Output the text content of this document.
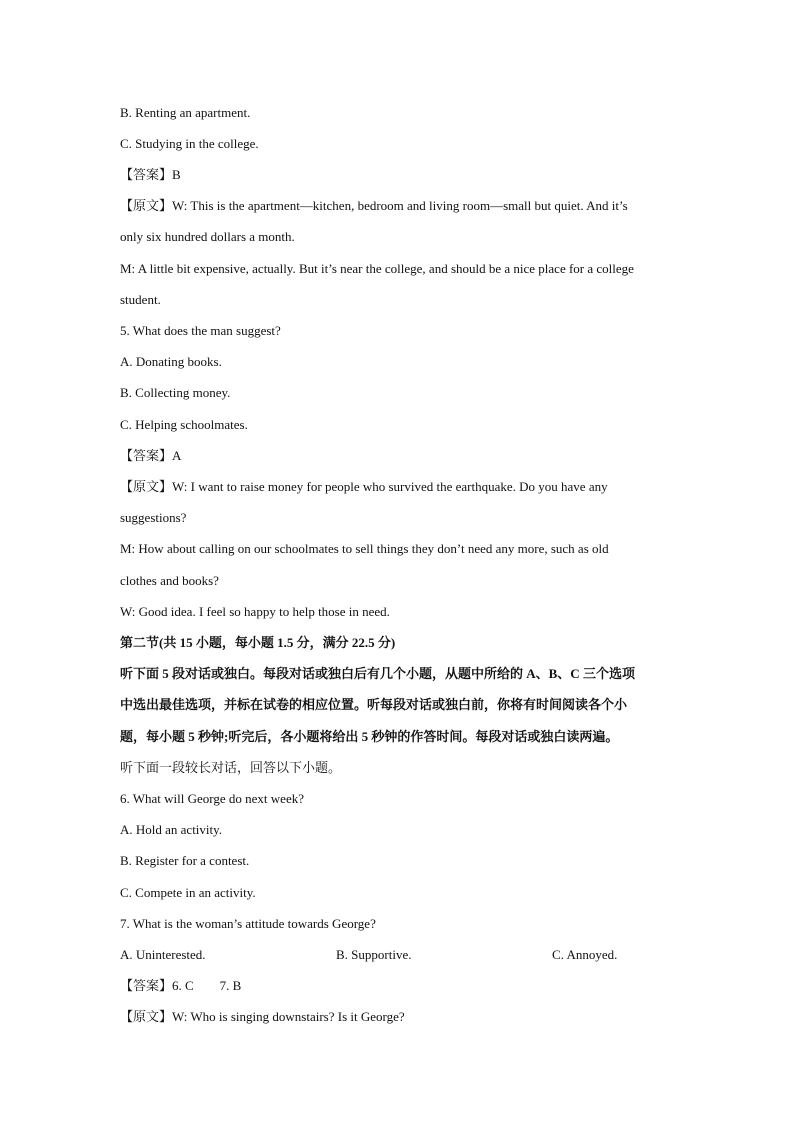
B. Renting an apartment.
C. Studying in the college.
【答案】B
【原文】W: This is the apartment—kitchen, bedroom and living room—small but quiet. And it’s
only six hundred dollars a month.
M: A little bit expensive, actually. But it’s near the college, and should be a nice place for a college
student.
5. What does the man suggest?
A. Donating books.
B. Collecting money.
C. Helping schoolmates.
【答案】A
【原文】W: I want to raise money for people who survived the earthquake. Do you have any
suggestions?
M: How about calling on our schoolmates to sell things they don’t need any more, such as old
clothes and books?
W: Good idea. I feel so happy to help those in need.
第二节(共 15 小题，每小题 1.5 分，满分 22.5 分)
听下面 5 段对话或独白。每段对话或独白后有几个小题，从题中所给的 A、B、C 三个选项
中选出最佳选项，并标在试卷的相应位置。听每段对话或独白前，你将有时间阅读各个小
题，每小题 5 秒钟;听完后，各小题将给出 5 秒钟的作答时间。每段对话或独白读两遍。
听下面一段较长对话，回答以下小题。
6. What will George do next week?
A. Hold an activity.
B. Register for a contest.
C. Compete in an activity.
7. What is the woman’s attitude towards George?
A. Uninterested.	B. Supportive.	C. Annoyed.
【答案】6. C 7. B
【原文】W: Who is singing downstairs? Is it George?
